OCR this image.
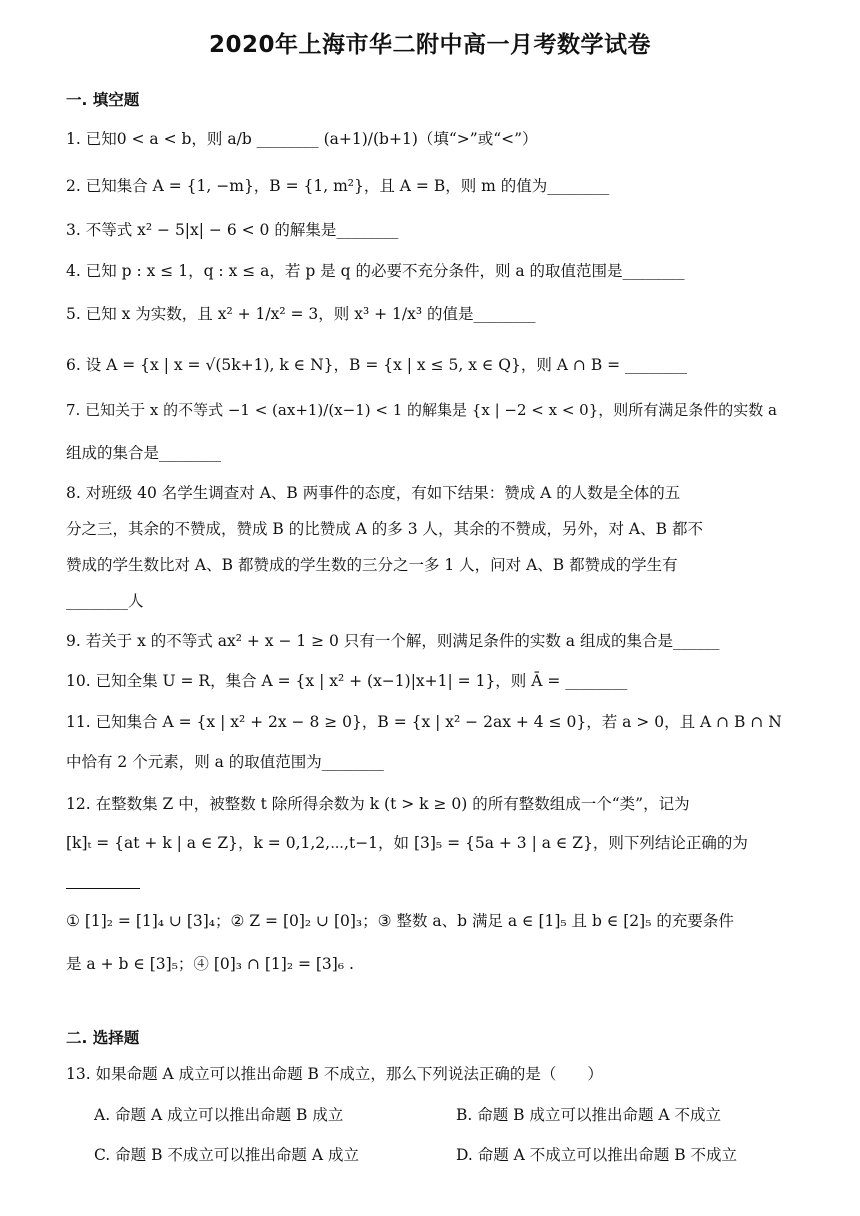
2020年上海市华二附中高一月考数学试卷
一. 填空题
1. 已知0 < a < b，则 a/b ________ (a+1)/(b+1)（填“>”或“<”）
2. 已知集合 A = {1, −m}，B = {1, m²}，且 A = B，则 m 的值为________
3. 不等式 x² − 5|x| − 6 < 0 的解集是________
4. 已知 p : x ≤ 1，q : x ≤ a，若 p 是 q 的必要不充分条件，则 a 的取值范围是________
5. 已知 x 为实数，且 x² + 1/x² = 3，则 x³ + 1/x³ 的值是________
6. 设 A = {x | x = √(5k+1), k ∈ N}，B = {x | x ≤ 5, x ∈ Q}，则 A ∩ B = ________
7. 已知关于 x 的不等式 −1 < (ax+1)/(x−1) < 1 的解集是 {x | −2 < x < 0}，则所有满足条件的实数 a
组成的集合是________
8. 对班级 40 名学生调查对 A、B 两事件的态度，有如下结果：赞成 A 的人数是全体的五
分之三，其余的不赞成，赞成 B 的比赞成 A 的多 3 人，其余的不赞成，另外，对 A、B 都不
赞成的学生数比对 A、B 都赞成的学生数的三分之一多 1 人，问对 A、B 都赞成的学生有
________人
9. 若关于 x 的不等式 ax² + x − 1 ≥ 0 只有一个解，则满足条件的实数 a 组成的集合是______
10. 已知全集 U = R，集合 A = {x | x² + (x−1)|x+1| = 1}，则 Ā = ________
11. 已知集合 A = {x | x² + 2x − 8 ≥ 0}，B = {x | x² − 2ax + 4 ≤ 0}，若 a > 0，且 A ∩ B ∩ N
中恰有 2 个元素，则 a 的取值范围为________
12. 在整数集 Z 中，被整数 t 除所得余数为 k (t > k ≥ 0) 的所有整数组成一个“类”，记为
[k]ₜ = {at + k | a ∈ Z}，k = 0,1,2,⋯,t−1，如 [3]₅ = {5a + 3 | a ∈ Z}，则下列结论正确的为
① [1]₂ = [1]₄ ∪ [3]₄；② Z = [0]₂ ∪ [0]₃；③ 整数 a、b 满足 a ∈ [1]₅ 且 b ∈ [2]₅ 的充要条件
是 a + b ∈ [3]₅；④ [0]₃ ∩ [1]₂ = [3]₆ .
二. 选择题
13. 如果命题 A 成立可以推出命题 B 不成立，那么下列说法正确的是（　　）
A. 命题 A 成立可以推出命题 B 成立	B. 命题 B 成立可以推出命题 A 不成立
C. 命题 B 不成立可以推出命题 A 成立	D. 命题 A 不成立可以推出命题 B 不成立
